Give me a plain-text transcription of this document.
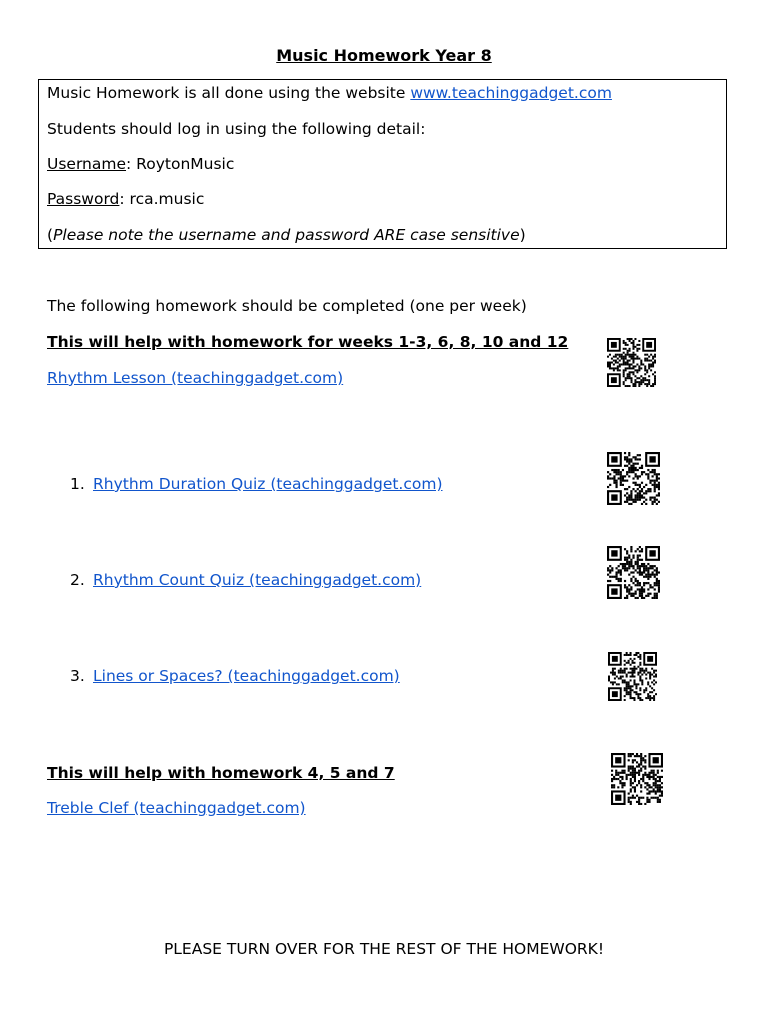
Music Homework Year 8
Music Homework is all done using the website www.teachinggadget.com
Students should log in using the following detail:
Username: RoytonMusic
Password: rca.music
(Please note the username and password ARE case sensitive)
The following homework should be completed (one per week)
This will help with homework for weeks 1-3, 6, 8, 10 and 12
Rhythm Lesson (teachinggadget.com)
1. Rhythm Duration Quiz (teachinggadget.com)
2. Rhythm Count Quiz (teachinggadget.com)
3. Lines or Spaces? (teachinggadget.com)
This will help with homework 4, 5 and 7
Treble Clef (teachinggadget.com)
PLEASE TURN OVER FOR THE REST OF THE HOMEWORK!
